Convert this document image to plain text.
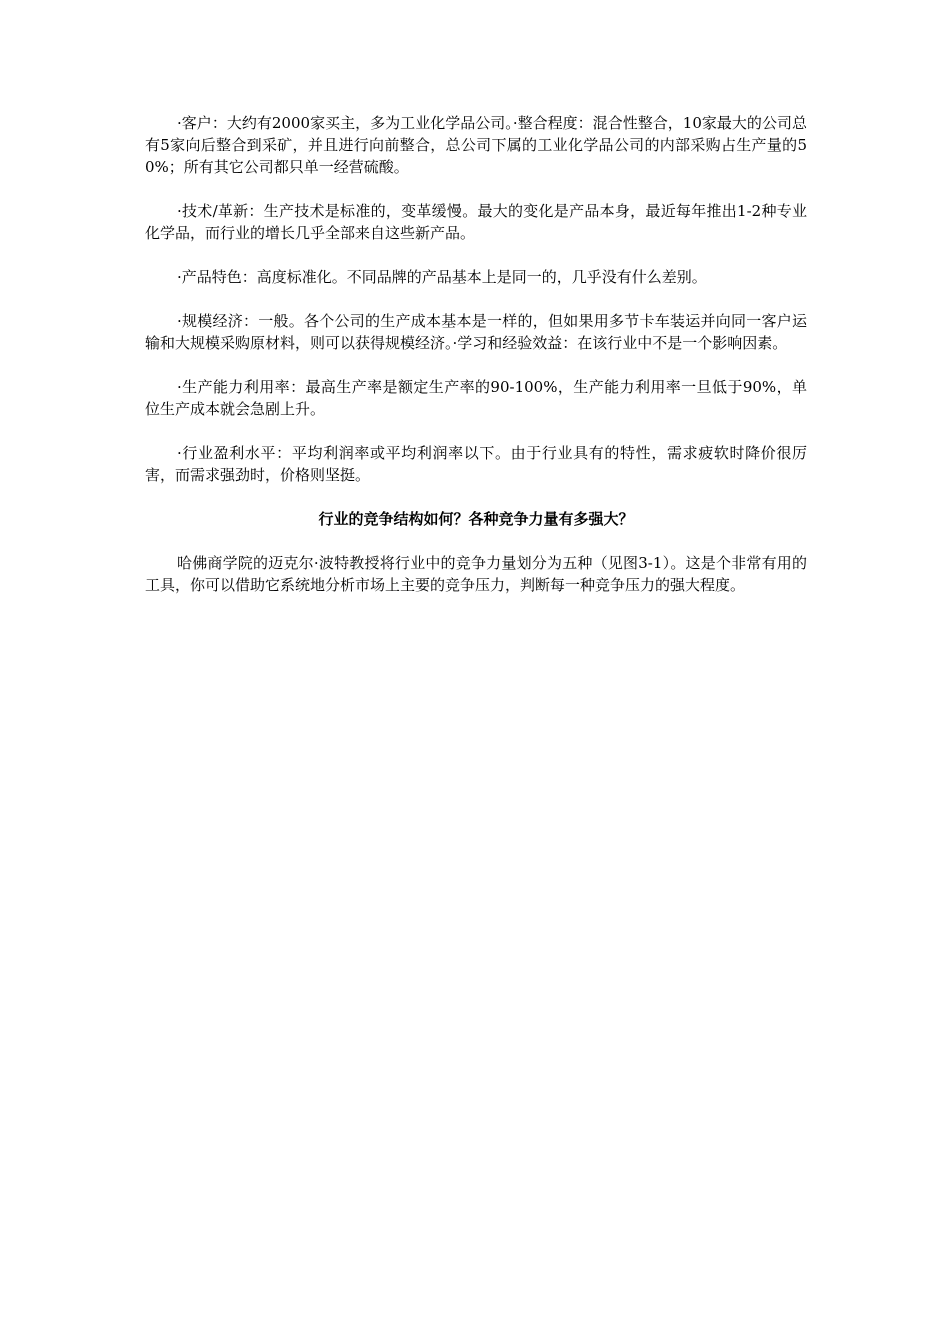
·客户：大约有2000家买主，多为工业化学品公司。·整合程度：混合性整合，10家最大的公司总有5家向后整合到采矿，并且进行向前整合，总公司下属的工业化学品公司的内部采购占生产量的50%；所有其它公司都只单一经营硫酸。

·技术/革新：生产技术是标准的，变革缓慢。最大的变化是产品本身，最近每年推出1-2种专业化学品，而行业的增长几乎全部来自这些新产品。

·产品特色：高度标准化。不同品牌的产品基本上是同一的，几乎没有什么差别。

·规模经济：一般。各个公司的生产成本基本是一样的，但如果用多节卡车装运并向同一客户运输和大规模采购原材料，则可以获得规模经济。·学习和经验效益：在该行业中不是一个影响因素。

·生产能力利用率：最高生产率是额定生产率的90-100%，生产能力利用率一旦低于90%，单位生产成本就会急剧上升。

·行业盈利水平：平均利润率或平均利润率以下。由于行业具有的特性，需求疲软时降价很厉害，而需求强劲时，价格则坚挺。

行业的竞争结构如何？各种竞争力量有多强大？

哈佛商学院的迈克尔·波特教授将行业中的竞争力量划分为五种（见图3-1）。这是个非常有用的工具，你可以借助它系统地分析市场上主要的竞争压力，判断每一种竞争压力的强大程度。
